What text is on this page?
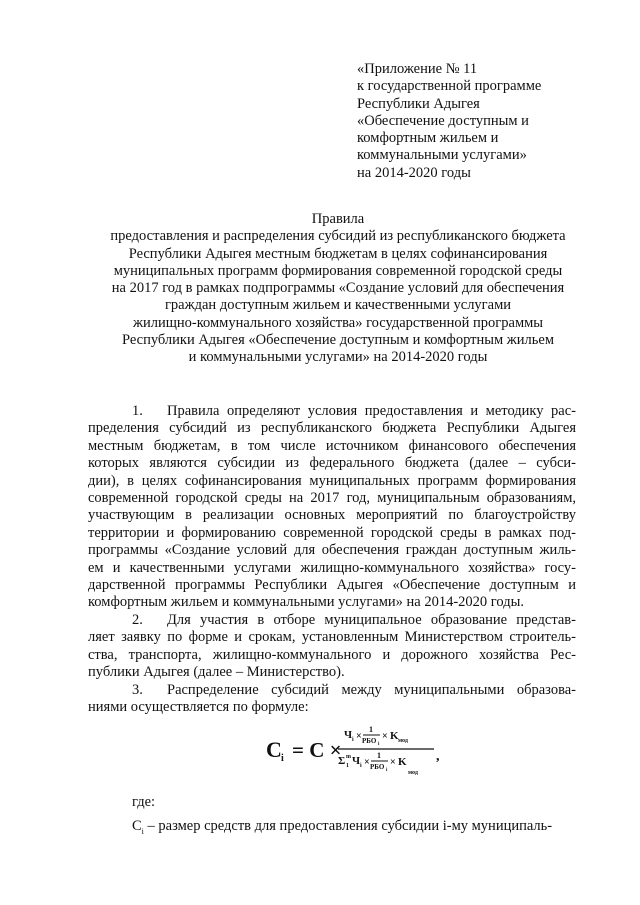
«Приложение № 11
к государственной программе
Республики Адыгея
«Обеспечение доступным и
комфортным жильем и
коммунальными услугами»
на 2014-2020 годы
Правила
предоставления и распределения субсидий из республиканского бюджета
Республики Адыгея местным бюджетам в целях софинансирования
муниципальных программ формирования современной городской среды
на 2017 год в рамках подпрограммы «Создание условий для обеспечения
граждан доступным жильем и качественными услугами
жилищно-коммунального хозяйства» государственной программы
Республики Адыгея «Обеспечение доступным и комфортным жильем
и коммунальными услугами» на 2014-2020 годы
1. Правила определяют условия предоставления и методику рас-
пределения субсидий из республиканского бюджета Республики Адыгея
местным бюджетам, в том числе источником финансового обеспечения
которых являются субсидии из федерального бюджета (далее – субси-
дии), в целях софинансирования муниципальных программ формирования
современной городской среды на 2017 год, муниципальным образованиям,
участвующим в реализации основных мероприятий по благоустройству
территории и формированию современной городской среды в рамках под-
программы «Создание условий для обеспечения граждан доступным жиль-
ем и качественными услугами жилищно-коммунального хозяйства» госу-
дарственной программы Республики Адыгея «Обеспечение доступным и
комфортным жильем и коммунальными услугами» на 2014-2020 годы.
2. Для участия в отборе муниципальное образование представ-
ляет заявку по форме и срокам, установленным Министерством строитель-
ства, транспорта, жилищно-коммунального и дорожного хозяйства Рес-
публики Адыгея (далее – Министерство).
3. Распределение субсидий между муниципальными образова-
ниями осуществляется по формуле:
C i = C ×
Ч i ×
1
РБО i
× K мод
Σ m
1 Ч i ×
1
РБО i
× K
мод
,
где:
$C_i$ – размер средств для предоставления субсидии i-му муниципаль-
